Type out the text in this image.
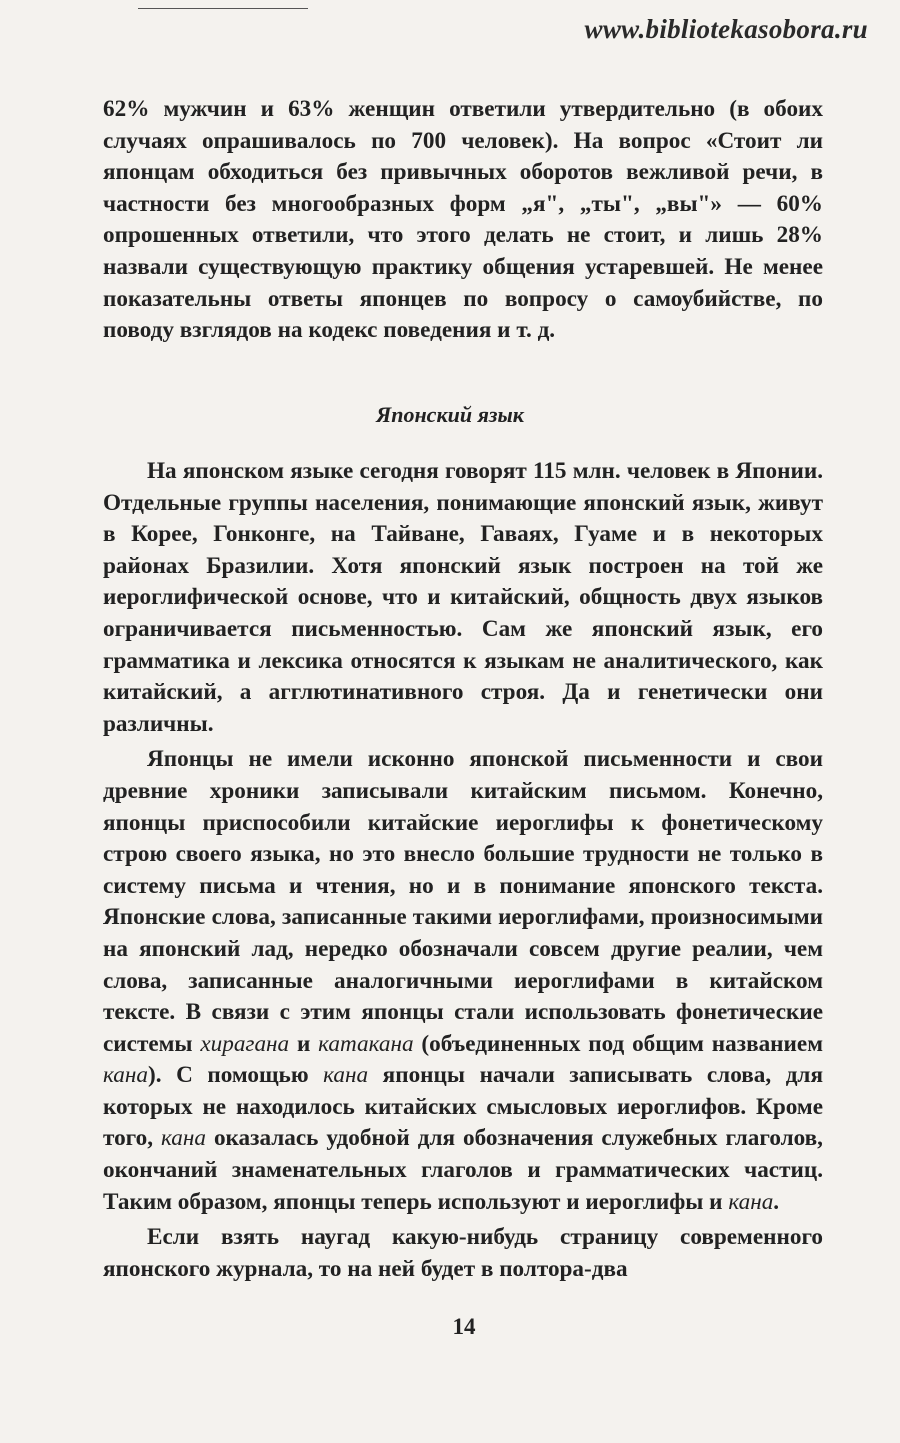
www.bibliotekasobora.ru

62% мужчин и 63% женщин ответили утвердительно (в обоих случаях опрашивалось по 700 человек). На вопрос «Стоит ли японцам обходиться без привычных оборотов вежливой речи, в частности без многообразных форм „я", „ты", „вы"» — 60% опрошенных ответили, что этого делать не стоит, и лишь 28% назвали существующую практику общения устаревшей. Не менее показательны ответы японцев по вопросу о самоубийстве, по поводу взглядов на кодекс поведения и т. д.

Японский язык

На японском языке сегодня говорят 115 млн. человек в Японии. Отдельные группы населения, понимающие японский язык, живут в Корее, Гонконге, на Тайване, Гаваях, Гуаме и в некоторых районах Бразилии. Хотя японский язык построен на той же иероглифической основе, что и китайский, общность двух языков ограничивается письменностью. Сам же японский язык, его грамматика и лексика относятся к языкам не аналитического, как китайский, а агглютинативного строя. Да и генетически они различны.

Японцы не имели исконно японской письменности и свои древние хроники записывали китайским письмом. Конечно, японцы приспособили китайские иероглифы к фонетическому строю своего языка, но это внесло большие трудности не только в систему письма и чтения, но и в понимание японского текста. Японские слова, записанные такими иероглифами, произносимыми на японский лад, нередко обозначали совсем другие реалии, чем слова, записанные аналогичными иероглифами в китайском тексте. В связи с этим японцы стали использовать фонетические системы хирагана и катакана (объединенных под общим названием кана). С помощью кана японцы начали записывать слова, для которых не находилось китайских смысловых иероглифов. Кроме того, кана оказалась удобной для обозначения служебных глаголов, окончаний знаменательных глаголов и грамматических частиц. Таким образом, японцы теперь используют и иероглифы и кана.

Если взять наугад какую-нибудь страницу современного японского журнала, то на ней будет в полтора-два

14
